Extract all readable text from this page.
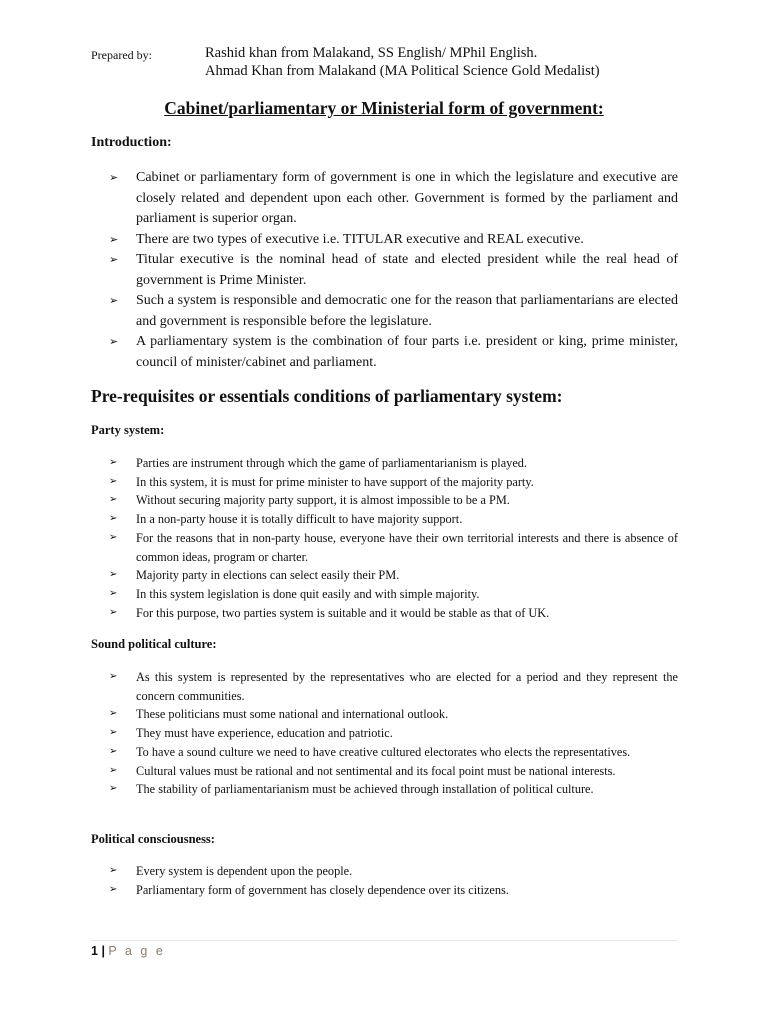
Prepared by:	Rashid khan from Malakand, SS English/ MPhil English.
Ahmad Khan from Malakand (MA Political Science Gold Medalist)
Cabinet/parliamentary or Ministerial form of government:
Introduction:
➢ Cabinet or parliamentary form of government is one in which the legislature and executive are closely related and dependent upon each other. Government is formed by the parliament and parliament is superior organ.
➢ There are two types of executive i.e. TITULAR executive and REAL executive.
➢ Titular executive is the nominal head of state and elected president while the real head of government is Prime Minister.
➢ Such a system is responsible and democratic one for the reason that parliamentarians are elected and government is responsible before the legislature.
➢ A parliamentary system is the combination of four parts i.e. president or king, prime minister, council of minister/cabinet and parliament.
Pre-requisites or essentials conditions of parliamentary system:
Party system:
➢ Parties are instrument through which the game of parliamentarianism is played.
➢ In this system, it is must for prime minister to have support of the majority party.
➢ Without securing majority party support, it is almost impossible to be a PM.
➢ In a non-party house it is totally difficult to have majority support.
➢ For the reasons that in non-party house, everyone have their own territorial interests and there is absence of common ideas, program or charter.
➢ Majority party in elections can select easily their PM.
➢ In this system legislation is done quit easily and with simple majority.
➢ For this purpose, two parties system is suitable and it would be stable as that of UK.
Sound political culture:
➢ As this system is represented by the representatives who are elected for a period and they represent the concern communities.
➢ These politicians must some national and international outlook.
➢ They must have experience, education and patriotic.
➢ To have a sound culture we need to have creative cultured electorates who elects the representatives.
➢ Cultural values must be rational and not sentimental and its focal point must be national interests.
➢ The stability of parliamentarianism must be achieved through installation of political culture.
Political consciousness:
➢ Every system is dependent upon the people.
➢ Parliamentary form of government has closely dependence over its citizens.
1 | P a g e
